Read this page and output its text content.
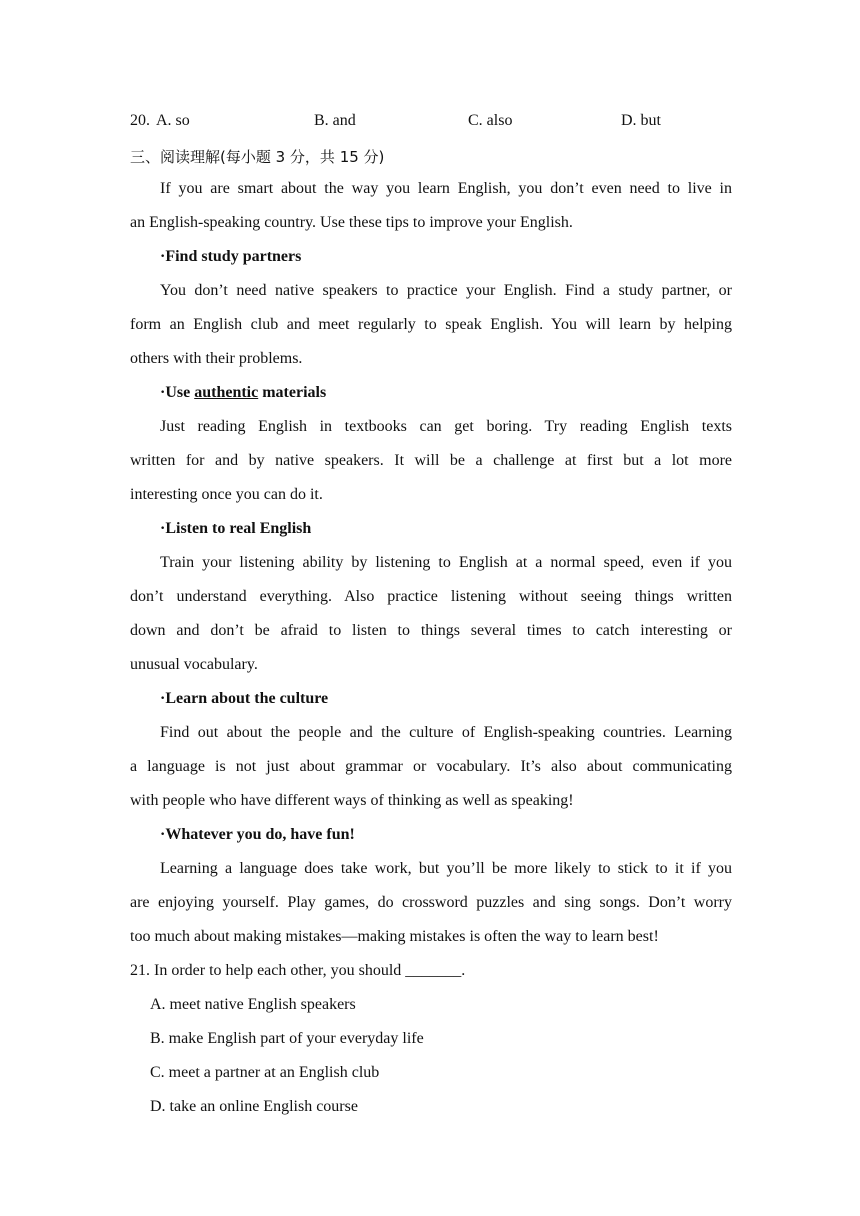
20. A. so	B. and	C. also	D. but
三、阅读理解(每小题 3 分，共 15 分)
If you are smart about the way you learn English, you don’t even need to live in
an English-speaking country. Use these tips to improve your English.
·Find study partners
You don’t need native speakers to practice your English. Find a study partner, or
form an English club and meet regularly to speak English. You will learn by helping
others with their problems.
·Use authentic materials
Just reading English in textbooks can get boring. Try reading English texts
written for and by native speakers. It will be a challenge at first but a lot more
interesting once you can do it.
·Listen to real English
Train your listening ability by listening to English at a normal speed, even if you
don’t understand everything. Also practice listening without seeing things written
down and don’t be afraid to listen to things several times to catch interesting or
unusual vocabulary.
·Learn about the culture
Find out about the people and the culture of English-speaking countries. Learning
a language is not just about grammar or vocabulary. It’s also about communicating
with people who have different ways of thinking as well as speaking!
·Whatever you do, have fun!
Learning a language does take work, but you’ll be more likely to stick to it if you
are enjoying yourself. Play games, do crossword puzzles and sing songs. Don’t worry
too much about making mistakes—making mistakes is often the way to learn best!
21. In order to help each other, you should _______.
A. meet native English speakers
B. make English part of your everyday life
C. meet a partner at an English club
D. take an online English course
